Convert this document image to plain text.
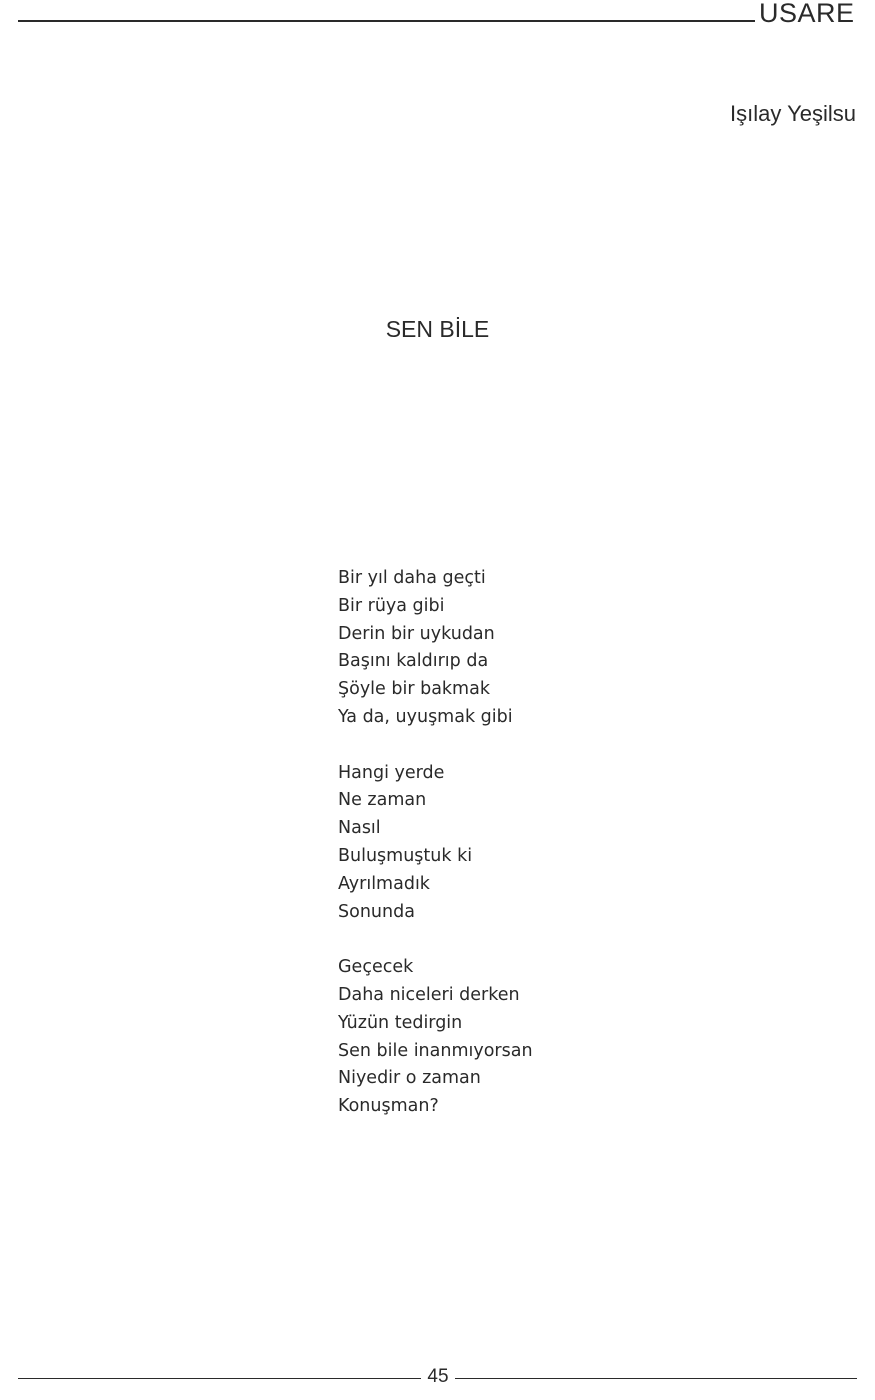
USARE
Işılay Yeşilsu
SEN BİLE
Bir yıl daha geçti
Bir rüya gibi
Derin bir uykudan
Başını kaldırıp da
Şöyle bir bakmak
Ya da, uyuşmak gibi
Hangi yerde
Ne zaman
Nasıl
Buluşmuştuk ki
Ayrılmadık
Sonunda
Geçecek
Daha niceleri derken
Yüzün tedirgin
Sen bile inanmıyorsan
Niyedir o zaman
Konuşman?
45
